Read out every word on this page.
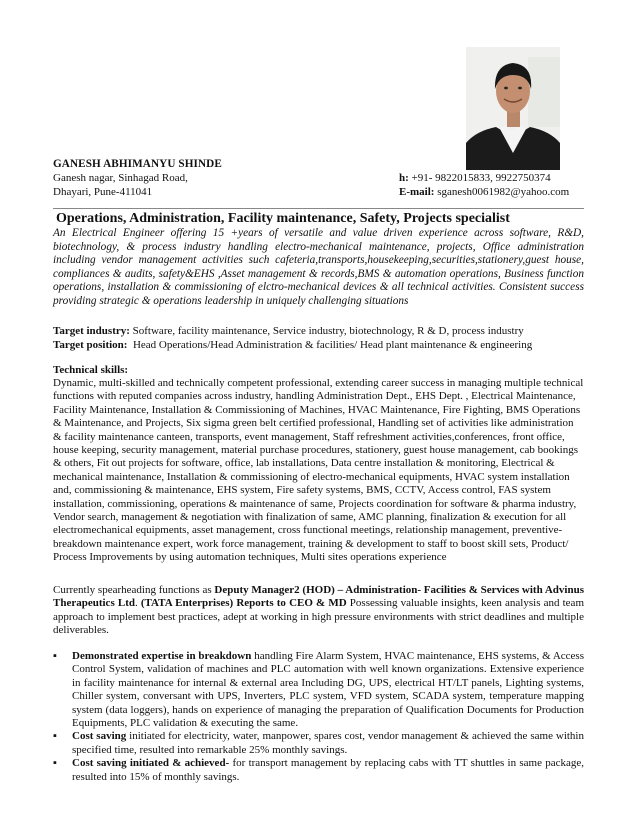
GANESH ABHIMANYU SHINDE
Ganesh nagar, Sinhagad Road,
Dhayari, Pune-411041
h: +91- 9822015833, 9922750374
E-mail: sganesh0061982@yahoo.com
Operations, Administration, Facility maintenance, Safety, Projects specialist
An Electrical Engineer offering 15 +years of versatile and value driven experience across software, R&D, biotechnology, & process industry handling electro-mechanical maintenance, projects, Office administration including vendor management activities such cafeteria,transports,housekeeping,securities,stationery,guest house, compliances & audits, safety&EHS ,Asset management & records,BMS & automation operations, Business function operations, installation & commissioning of elctro-mechanical devices & all technical activities. Consistent success providing strategic & operations leadership in uniquely challenging situations
Target industry: Software, facility maintenance, Service industry, biotechnology, R & D, process industry
Target position:  Head Operations/Head Administration & facilities/ Head plant maintenance & engineering
Technical skills:
Dynamic, multi-skilled and technically competent professional, extending career success in managing multiple technical functions with reputed companies across industry, handling Administration Dept., EHS Dept. , Electrical Maintenance, Facility Maintenance, Installation & Commissioning of Machines, HVAC Maintenance, Fire Fighting, BMS Operations & Maintenance, and Projects, Six sigma green belt certified professional, Handling set of activities like administration & facility maintenance canteen, transports, event management, Staff refreshment activities,conferences, front office, house keeping, security management, material purchase procedures, stationery, guest house management, cab bookings & others, Fit out projects for software, office, lab installations, Data centre installation & monitoring, Electrical & mechanical maintenance, Installation & commissioning of electro-mechanical equipments, HVAC system installation and, commissioning & maintenance, EHS system, Fire safety systems, BMS, CCTV, Access control, FAS system installation, commissioning, operations & maintenance of same, Projects coordination for software & pharma industry, Vendor search, management & negotiation with finalization of same, AMC planning, finalization & execution for all electromechanical equipments, asset management, cross functional meetings, relationship management, preventive-breakdown maintenance expert, work force management, training & development to staff to boost skill sets, Product/ Process Improvements by using automation techniques, Multi sites operations experience
Currently spearheading functions as Deputy Manager2 (HOD) – Administration- Facilities & Services with Advinus Therapeutics Ltd. (TATA Enterprises) Reports to CEO & MD Possessing valuable insights, keen analysis and team approach to implement best practices, adept at working in high pressure environments with strict deadlines and multiple deliverables.
▪ Demonstrated expertise in breakdown handling Fire Alarm System, HVAC maintenance, EHS systems, & Access Control System, validation of machines and PLC automation with well known organizations. Extensive experience in facility maintenance for internal & external area Including DG, UPS, electrical HT/LT panels, Lighting systems, Chiller system, conversant with UPS, Inverters, PLC system, VFD system, SCADA system, temperature mapping system (data loggers), hands on experience of managing the preparation of Qualification Documents for Production Equipments, PLC validation & executing the same.
▪ Cost saving initiated for electricity, water, manpower, spares cost, vendor management & achieved the same within specified time, resulted into remarkable 25% monthly savings.
▪ Cost saving initiated & achieved- for transport management by replacing cabs with TT shuttles in same package, resulted into 15% of monthly savings.
